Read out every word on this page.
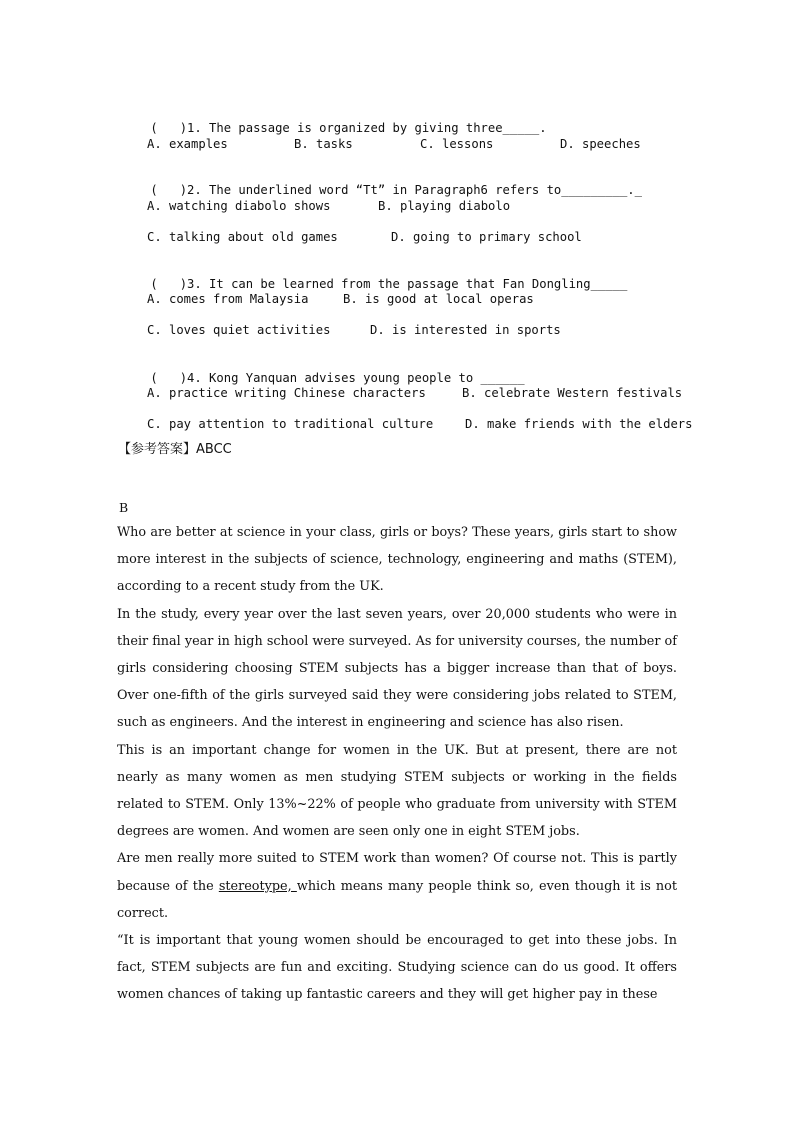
( )1. The passage is organized by giving three_____.

A. examples	B. tasks	C. lessons	D. speeches

( )2. The underlined word “Tt” in Paragraph6 refers to_________._

A. watching diabolo shows	B. playing diabolo
C. talking about old games	D. going to primary school

( )3. It can be learned from the passage that Fan Dongling_____

A. comes from Malaysia	B. is good at local operas
C. loves quiet activities	D. is interested in sports

( )4. Kong Yanquan advises young people to ______

A. practice writing Chinese characters	B. celebrate Western festivals
C. pay attention to traditional culture	D. make friends with the elders
【参考答案】ABCC
B

Who are better at science in your class, girls or boys? These years, girls start to show more interest in the subjects of science, technology, engineering and maths (STEM), according to a recent study from the UK.

In the study, every year over the last seven years, over 20,000 students who were in their final year in high school were surveyed. As for university courses, the number of girls considering choosing STEM subjects has a bigger increase than that of boys. Over one-fifth of the girls surveyed said they were considering jobs related to STEM, such as engineers. And the interest in engineering and science has also risen.

This is an important change for women in the UK. But at present, there are not nearly as many women as men studying STEM subjects or working in the fields related to STEM. Only 13%~22% of people who graduate from university with STEM degrees are women. And women are seen only one in eight STEM jobs.

Are men really more suited to STEM work than women? Of course not. This is partly because of the stereotype, which means many people think so, even though it is not correct.

“It is important that young women should be encouraged to get into these jobs. In fact, STEM subjects are fun and exciting. Studying science can do us good. It offers women chances of taking up fantastic careers and they will get higher pay in these
